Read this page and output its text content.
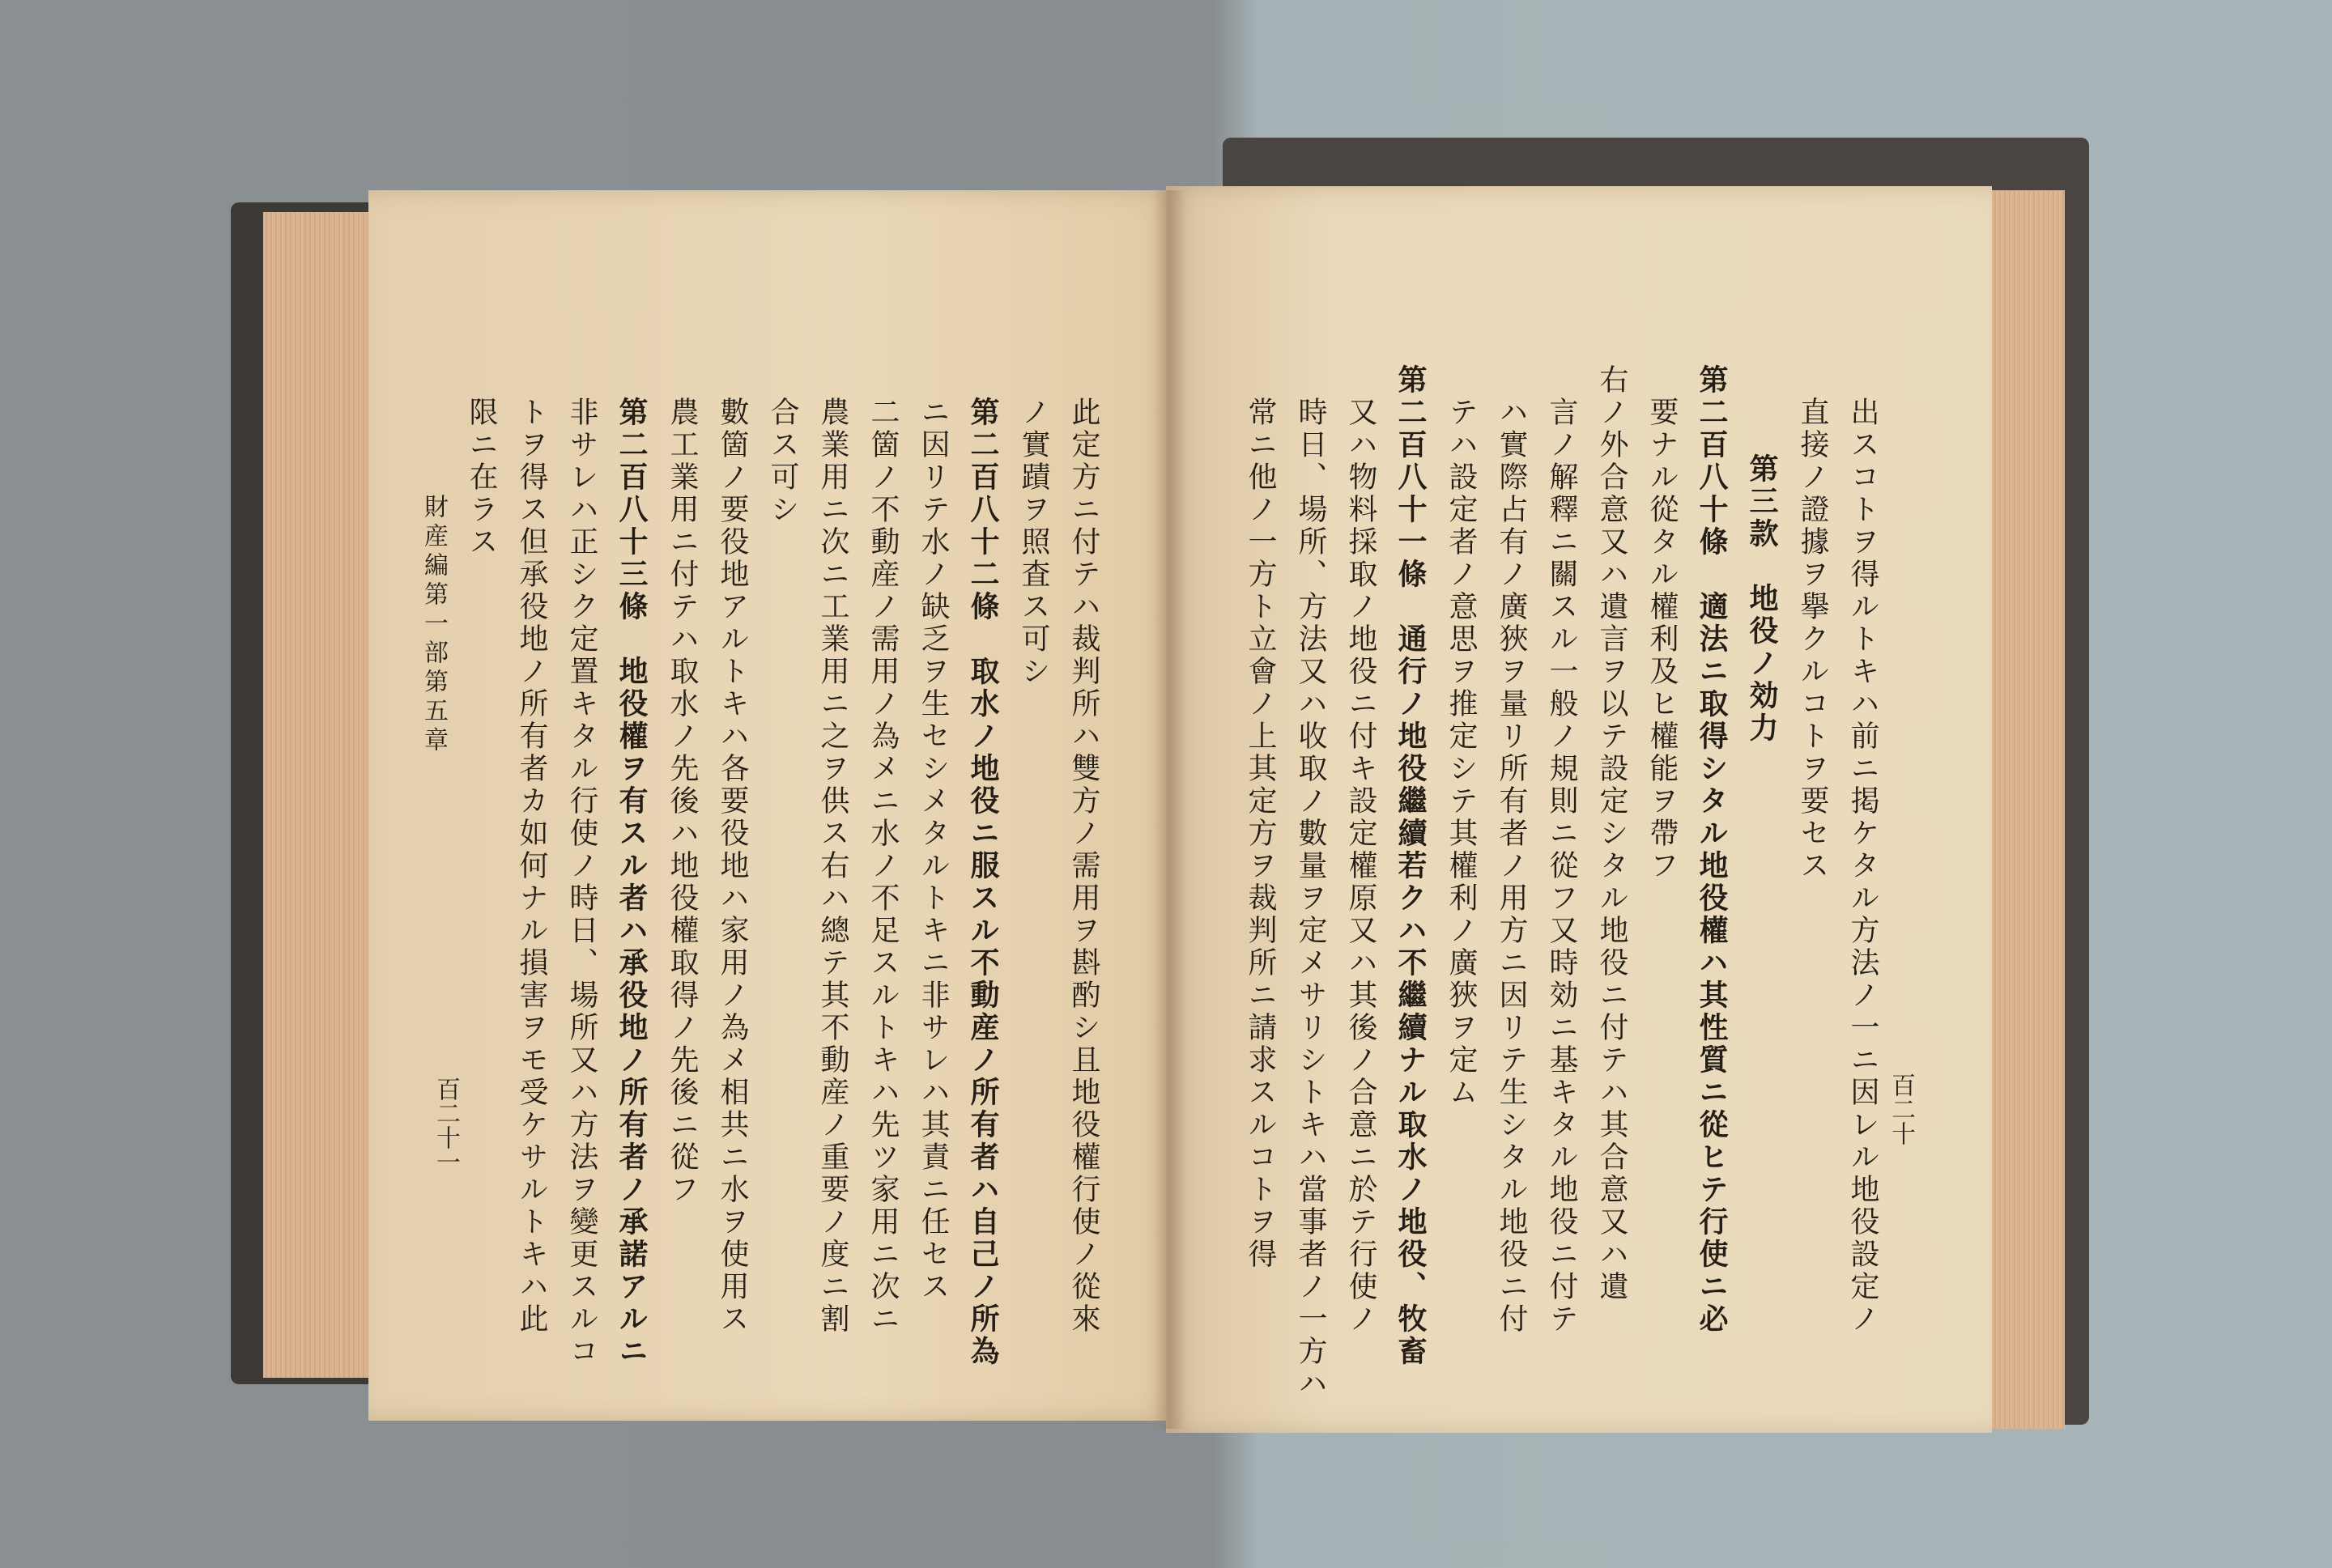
此定方ニ付テハ裁判所ハ雙方ノ需用ヲ斟酌シ且地役權行使ノ從來
ノ實蹟ヲ照査ス可シ
第二百八十二條　取水ノ地役ニ服スル不動産ノ所有者ハ自己ノ所為
ニ因リテ水ノ缺乏ヲ生セシメタルトキニ非サレハ其責ニ任セス
二箇ノ不動産ノ需用ノ為メニ水ノ不足スルトキハ先ツ家用ニ次ニ
農業用ニ次ニ工業用ニ之ヲ供ス右ハ總テ其不動産ノ重要ノ度ニ割
合ス可シ
數箇ノ要役地アルトキハ各要役地ハ家用ノ為メ相共ニ水ヲ使用ス
農工業用ニ付テハ取水ノ先後ハ地役權取得ノ先後ニ從フ
第二百八十三條　地役權ヲ有スル者ハ承役地ノ所有者ノ承諾アルニ
非サレハ正シク定置キタル行使ノ時日、場所又ハ方法ヲ變更スルコ
トヲ得ス但承役地ノ所有者カ如何ナル損害ヲモ受ケサルトキハ此
限ニ在ラス
財産編第一部第五章
百二十一	出スコトヲ得ルトキハ前ニ掲ケタル方法ノ一ニ因レル地役設定ノ
直接ノ證據ヲ擧クルコトヲ要セス
第三款　地役ノ効力
第二百八十條　適法ニ取得シタル地役權ハ其性質ニ從ヒテ行使ニ必
要ナル從タル權利及ヒ權能ヲ帶フ
右ノ外合意又ハ遺言ヲ以テ設定シタル地役ニ付テハ其合意又ハ遺
言ノ解釋ニ關スル一般ノ規則ニ從フ又時効ニ基キタル地役ニ付テ
ハ實際占有ノ廣狹ヲ量リ所有者ノ用方ニ因リテ生シタル地役ニ付
テハ設定者ノ意思ヲ推定シテ其權利ノ廣狹ヲ定ム
第二百八十一條　通行ノ地役繼續若クハ不繼續ナル取水ノ地役、牧畜
又ハ物料採取ノ地役ニ付キ設定權原又ハ其後ノ合意ニ於テ行使ノ
時日、場所、方法又ハ收取ノ數量ヲ定メサリシトキハ當事者ノ一方ハ
常ニ他ノ一方ト立會ノ上其定方ヲ裁判所ニ請求スルコトヲ得	百二十
